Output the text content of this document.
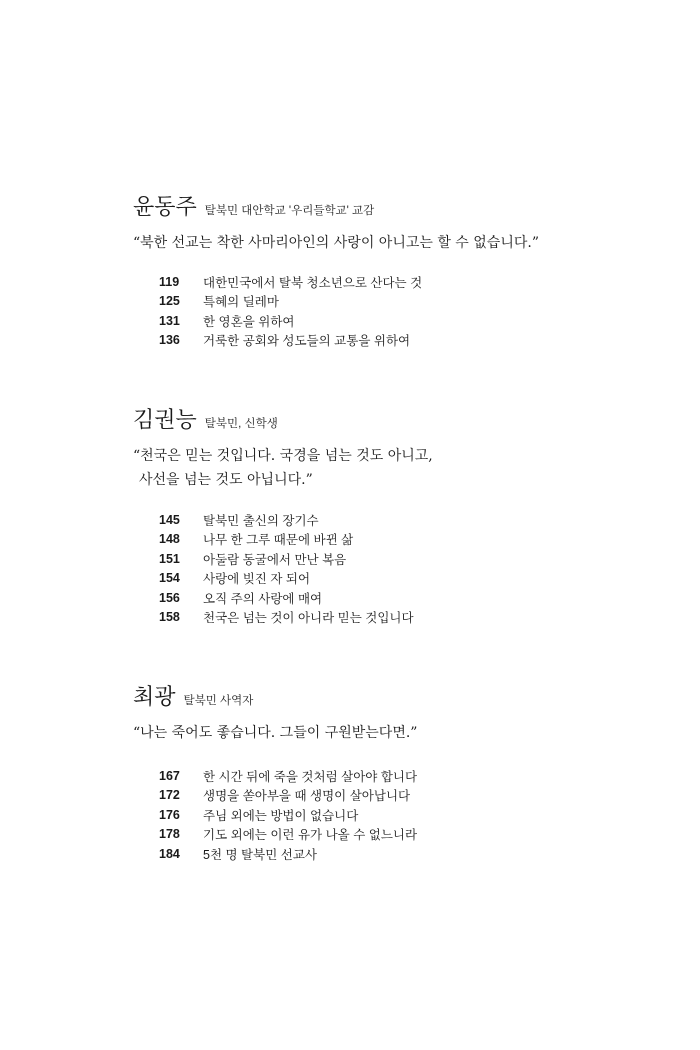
윤동주 탈북민 대안학교 '우리들학교' 교감
“북한 선교는 착한 사마리아인의 사랑이 아니고는 할 수 없습니다.”
119	대한민국에서 탈북 청소년으로 산다는 것
125	특혜의 딜레마
131	한 영혼을 위하여
136	거룩한 공회와 성도들의 교통을 위하여
김권능 탈북민, 신학생
“천국은 믿는 것입니다. 국경을 넘는 것도 아니고,
사선을 넘는 것도 아닙니다.”
145	탈북민 출신의 장기수
148	나무 한 그루 때문에 바뀐 삶
151	아둘람 동굴에서 만난 복음
154	사랑에 빚진 자 되어
156	오직 주의 사랑에 매여
158	천국은 넘는 것이 아니라 믿는 것입니다
최광 탈북민 사역자
“나는 죽어도 좋습니다. 그들이 구원받는다면.”
167	한 시간 뒤에 죽을 것처럼 살아야 합니다
172	생명을 쏟아부을 때 생명이 살아납니다
176	주님 외에는 방법이 없습니다
178	기도 외에는 이런 유가 나올 수 없느니라
184	5천 명 탈북민 선교사
